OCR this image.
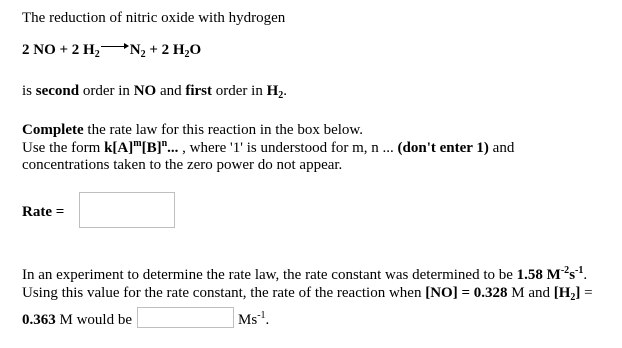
The reduction of nitric oxide with hydrogen
2 NO + 2 $H_2$ $N_2 + 2$ $H_2O$
is second order in NO and first order in $H_2$.
Complete the rate law for this reaction in the box below.
Use the form $k[A]^m[B]^n$... , where '1' is understood for m, n ... (don't enter 1) and
concentrations taken to the zero power do not appear.
Rate =
In an experiment to determine the rate law, the rate constant was determined to be 1.58 $M^{-2}s^{-1}$.
Using this value for the rate constant, the rate of the reaction when [NO] = 0.328 M and $[H_2]$ =
0.363 M would be	$Ms^{-1}$.
